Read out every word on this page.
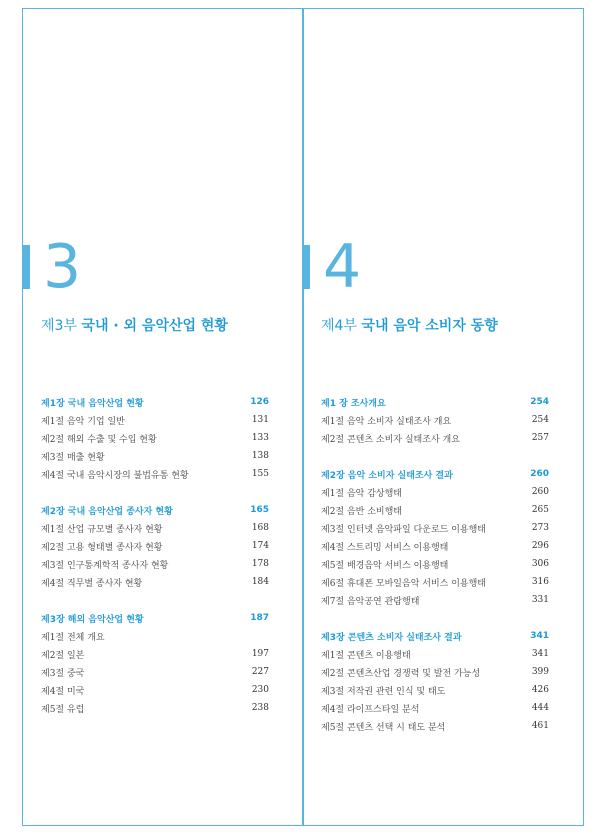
3
제3부 국내 · 외 음악산업 현황
제1장 국내 음악산업 현황	126
제1절 음악 기업 일반	131
제2절 해외 수출 및 수입 현황	133
제3절 매출 현황	138
제4절 국내 음악시장의 불법유통 현황	155
제2장 국내 음악산업 종사자 현황	165
제1절 산업 규모별 종사자 현황	168
제2절 고용 형태별 종사자 현황	174
제3절 인구통계학적 종사자 현황	178
제4절 직무별 종사자 현황	184
제3장 해외 음악산업 현황	187
제1절 전체 개요
제2절 일본	197
제3절 중국	227
제4절 미국	230
제5절 유럽	238
4
제4부 국내 음악 소비자 동향
제1 장 조사개요	254
제1절 음악 소비자 실태조사 개요	254
제2절 콘텐츠 소비자 실태조사 개요	257
제2장 음악 소비자 실태조사 결과	260
제1절 음악 감상행태	260
제2절 음반 소비행태	265
제3절 인터넷 음악파일 다운로드 이용행태	273
제4절 스트리밍 서비스 이용행태	296
제5절 배경음악 서비스 이용행태	306
제6절 휴대폰 모바일음악 서비스 이용행태	316
제7절 음악공연 관람행태	331
제3장 콘텐츠 소비자 실태조사 결과	341
제1절 콘텐츠 이용행태	341
제2절 콘텐츠산업 경쟁력 및 발전 가능성	399
제3절 저작권 관련 인식 및 태도	426
제4절 라이프스타일 분석	444
제5절 콘텐츠 선택 시 태도 분석	461
